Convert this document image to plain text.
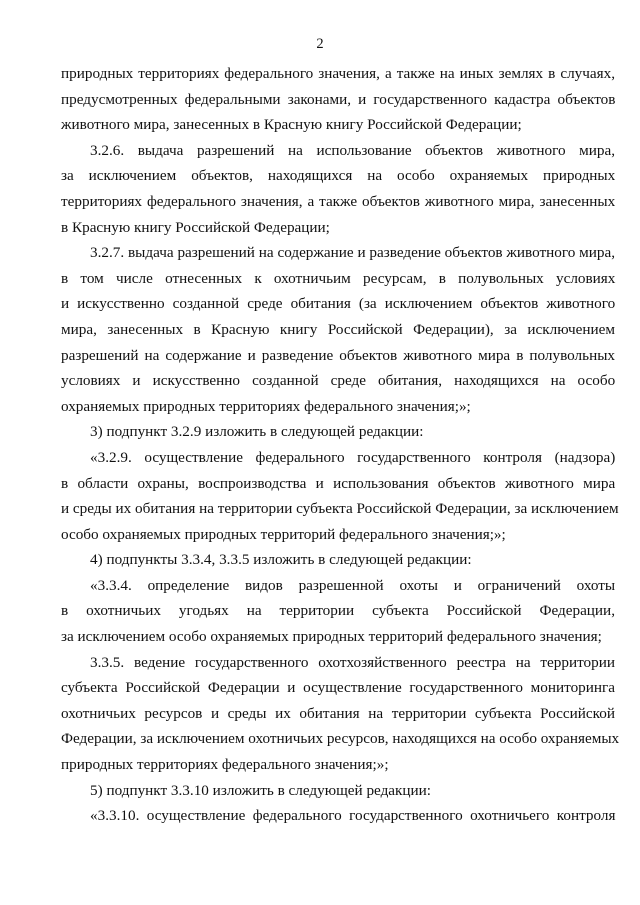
2
природных территориях федерального значения, а также на иных землях в случаях,
предусмотренных федеральными законами, и государственного кадастра объектов
животного мира, занесенных в Красную книгу Российской Федерации;
3.2.6. выдача разрешений на использование объектов животного мира,
за исключением объектов, находящихся на особо охраняемых природных
территориях федерального значения, а также объектов животного мира, занесенных
в Красную книгу Российской Федерации;
3.2.7. выдача разрешений на содержание и разведение объектов животного мира,
в том числе отнесенных к охотничьим ресурсам, в полувольных условиях
и искусственно созданной среде обитания (за исключением объектов животного
мира, занесенных в Красную книгу Российской Федерации), за исключением
разрешений на содержание и разведение объектов животного мира в полувольных
условиях и искусственно созданной среде обитания, находящихся на особо
охраняемых природных территориях федерального значения;»;
3) подпункт 3.2.9 изложить в следующей редакции:
«3.2.9. осуществление федерального государственного контроля (надзора)
в области охраны, воспроизводства и использования объектов животного мира
и среды их обитания на территории субъекта Российской Федерации, за исключением
особо охраняемых природных территорий федерального значения;»;
4) подпункты 3.3.4, 3.3.5 изложить в следующей редакции:
«3.3.4. определение видов разрешенной охоты и ограничений охоты
в охотничьих угодьях на территории субъекта Российской Федерации,
за исключением особо охраняемых природных территорий федерального значения;
3.3.5. ведение государственного охотхозяйственного реестра на территории
субъекта Российской Федерации и осуществление государственного мониторинга
охотничьих ресурсов и среды их обитания на территории субъекта Российской
Федерации, за исключением охотничьих ресурсов, находящихся на особо охраняемых
природных территориях федерального значения;»;
5) подпункт 3.3.10 изложить в следующей редакции:
«3.3.10. осуществление федерального государственного охотничьего контроля
